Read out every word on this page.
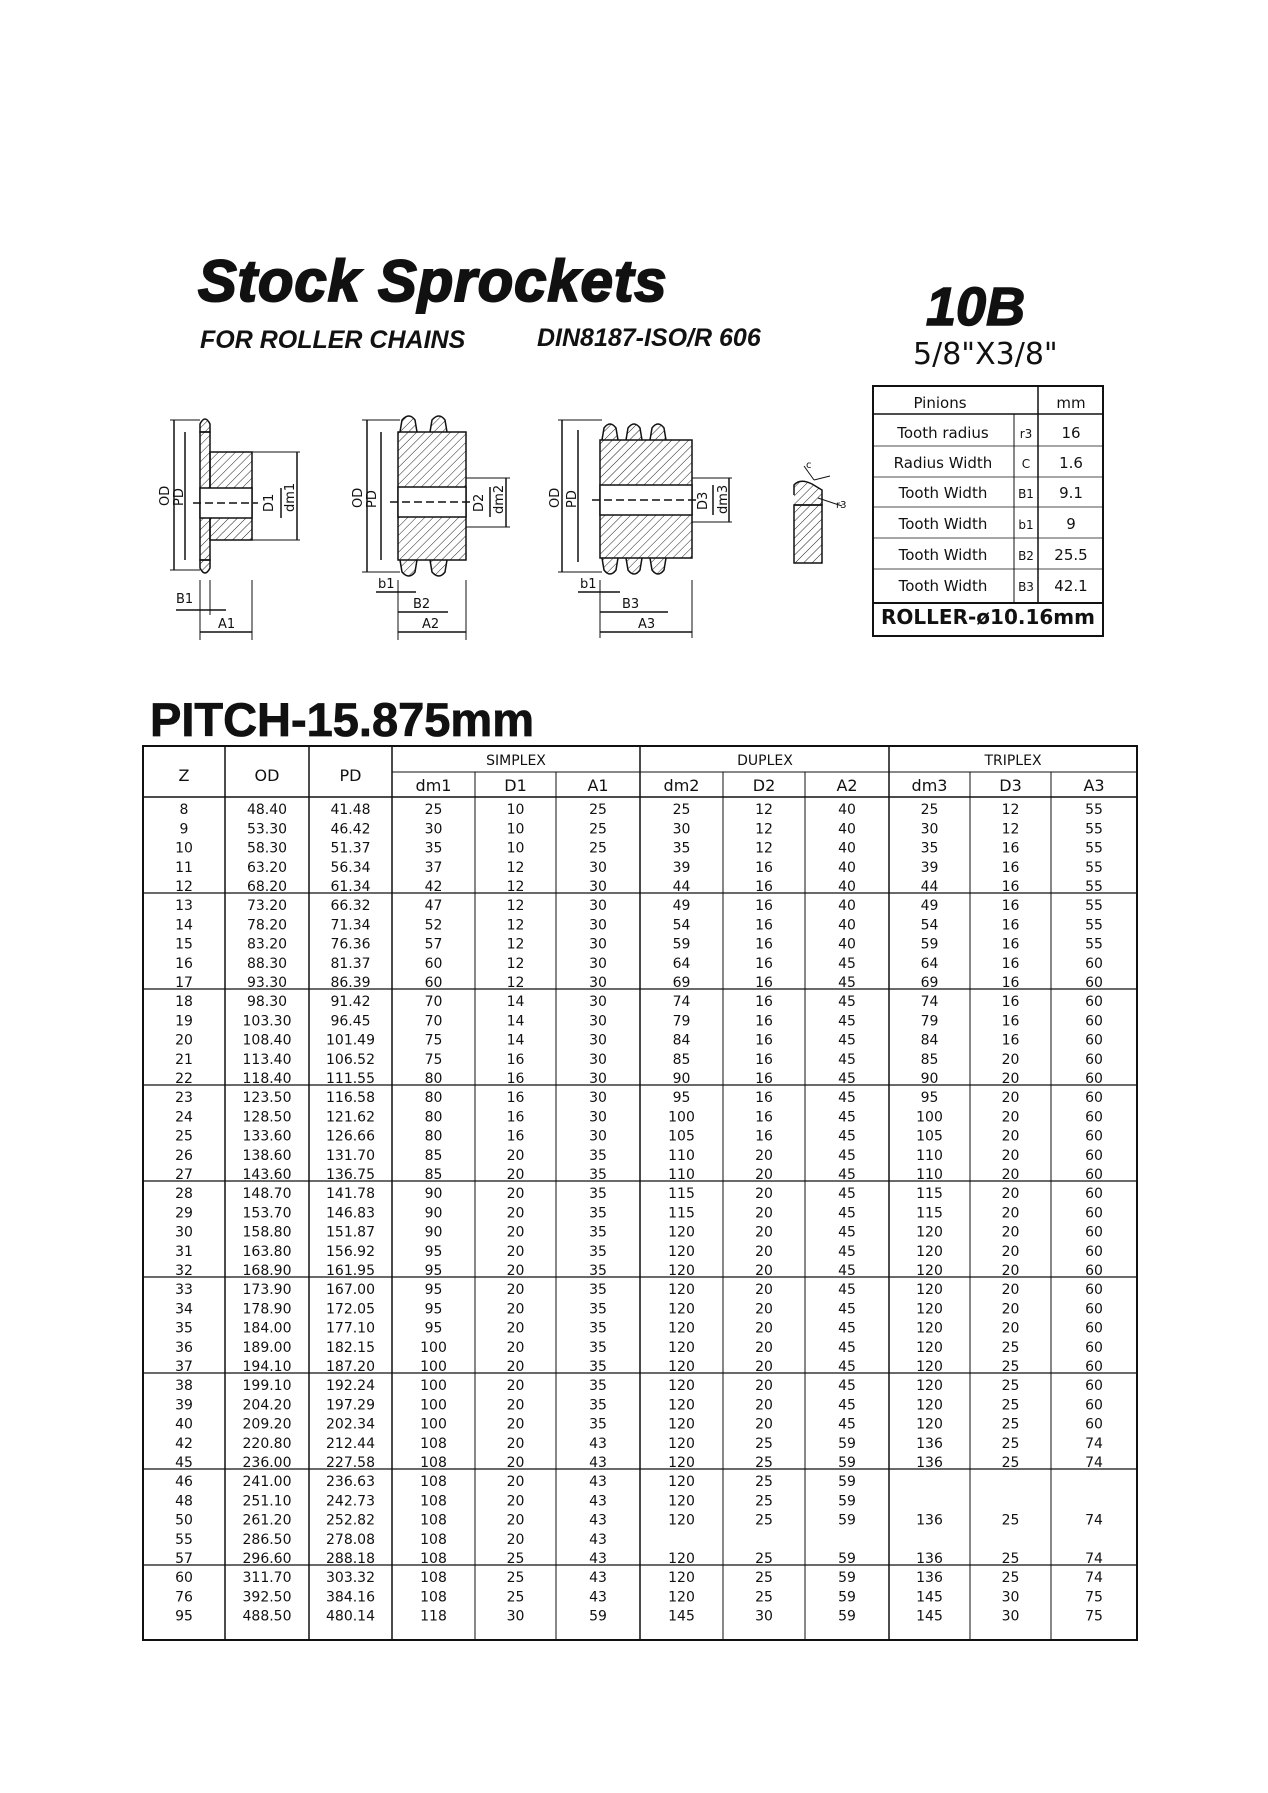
Stock Sprockets
FOR ROLLER CHAINS	DIN8187-ISO/R 606
10B
5/8"X3/8"
OD PD	D1 dm1
B1
A1
OD PD	D2 dm2
b1
B2
A2
OD PD	D3 dm3
b1
B3
A3
c
r3
Pinions	mm
Tooth radius	r3 16
Radius Width C 1.6
Tooth Width	B1 9.1
Tooth Width	b1 9
Tooth Width	B2 25.5
Tooth Width	B3 42.1
ROLLER-ø10.16mm
PITCH-15.875mm
SIMPLEX	DUPLEX	TRIPLEX
Z	OD	PD
dm1	D1	A1	dm2	D2	A2	dm3	D3	A3
8	48.40	41.48	25	10	25	25	12	40	25	12	55
9	53.30	46.42	30	10	25	30	12	40	30	12	55
10	58.30	51.37	35	10	25	35	12	40	35	16	55
11	63.20	56.34	37	12	30	39	16	40	39	16	55
12	68.20	61.34	42	12	30	44	16	40	44	16	55
13	73.20	66.32	47	12	30	49	16	40	49	16	55
14	78.20	71.34	52	12	30	54	16	40	54	16	55
15	83.20	76.36	57	12	30	59	16	40	59	16	55
16	88.30	81.37	60	12	30	64	16	45	64	16	60
17	93.30	86.39	60	12	30	69	16	45	69	16	60
18	98.30	91.42	70	14	30	74	16	45	74	16	60
19	103.30	96.45	70	14	30	79	16	45	79	16	60
20	108.40 101.49	75	14	30	84	16	45	84	16	60
21	113.40 106.52	75	16	30	85	16	45	85	20	60
22	118.40 111.55	80	16	30	90	16	45	90	20	60
23	123.50 116.58	80	16	30	95	16	45	95	20	60
24	128.50 121.62	80	16	30	100	16	45	100	20	60
25	133.60 126.66	80	16	30	105	16	45	105	20	60
26	138.60 131.70	85	20	35	110	20	45	110	20	60
27	143.60 136.75	85	20	35	110	20	45	110	20	60
28	148.70 141.78	90	20	35	115	20	45	115	20	60
29	153.70 146.83	90	20	35	115	20	45	115	20	60
30	158.80 151.87	90	20	35	120	20	45	120	20	60
31	163.80 156.92	95	20	35	120	20	45	120	20	60
32	168.90 161.95	95	20	35	120	20	45	120	20	60
33	173.90 167.00	95	20	35	120	20	45	120	20	60
34	178.90 172.05	95	20	35	120	20	45	120	20	60
35	184.00 177.10	95	20	35	120	20	45	120	20	60
36	189.00 182.15	100	20	35	120	20	45	120	25	60
37	194.10 187.20	100	20	35	120	20	45	120	25	60
38	199.10 192.24	100	20	35	120	20	45	120	25	60
39	204.20 197.29	100	20	35	120	20	45	120	25	60
40	209.20 202.34	100	20	35	120	20	45	120	25	60
42	220.80 212.44	108	20	43	120	25	59	136	25	74
45	236.00 227.58	108	20	43	120	25	59	136	25	74
46	241.00 236.63	108	20	43	120	25	59
48	251.10 242.73	108	20	43	120	25	59
50	261.20 252.82	108	20	43	120	25	59	136	25	74
55	286.50 278.08	108	20	43
57	296.60 288.18	108	25	43	120	25	59	136	25	74
60	311.70 303.32	108	25	43	120	25	59	136	25	74
76	392.50 384.16	108	25	43	120	25	59	145	30	75
95	488.50 480.14	118	30	59	145	30	59	145	30	75
